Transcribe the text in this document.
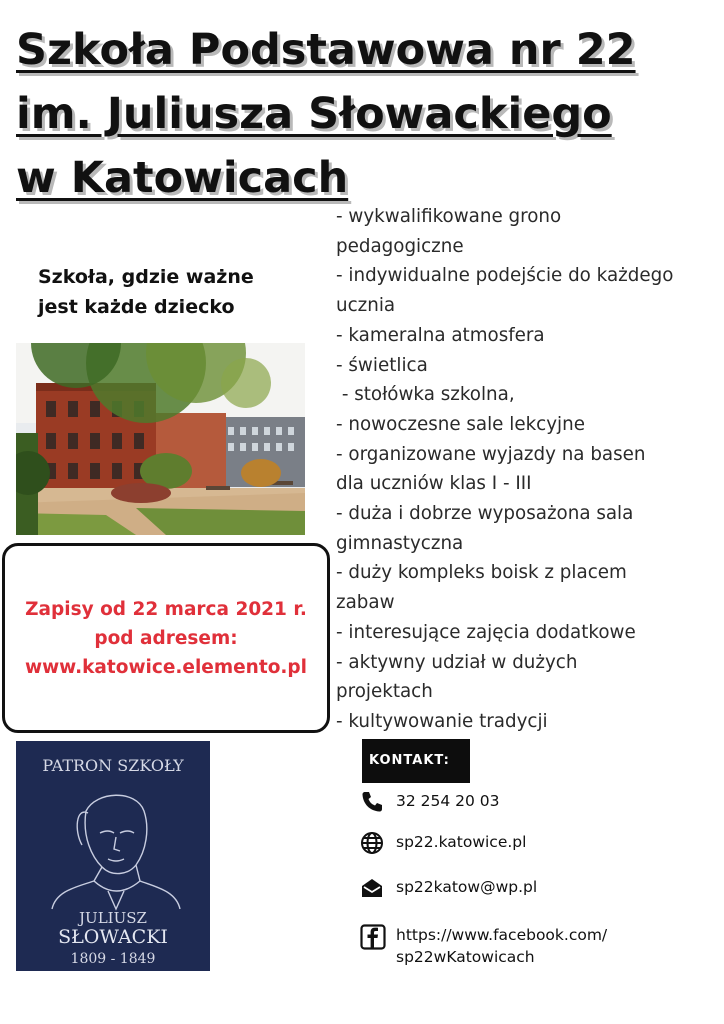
Szkoła Podstawowa nr 22
im. Juliusza Słowackiego
w Katowicach
Szkoła, gdzie ważne
jest każde dziecko
Zapisy od 22 marca 2021 r.
pod adresem:
www.katowice.elemento.pl
PATRON SZKOŁY
JULIUSZ
SŁOWACKI
1809 - 1849
- wykwalifikowane grono
pedagogiczne
- indywidualne podejście do każdego
ucznia
- kameralna atmosfera
- świetlica
- stołówka szkolna,
- nowoczesne sale lekcyjne
- organizowane wyjazdy na basen
dla uczniów klas I - III
- duża i dobrze wyposażona sala
gimnastyczna
- duży kompleks boisk z placem
zabaw
- interesujące zajęcia dodatkowe
- aktywny udział w dużych
projektach
- kultywowanie tradycji
KONTAKT:
32 254 20 03
sp22.katowice.pl
sp22katow@wp.pl
https://www.facebook.com/
sp22wKatowicach
